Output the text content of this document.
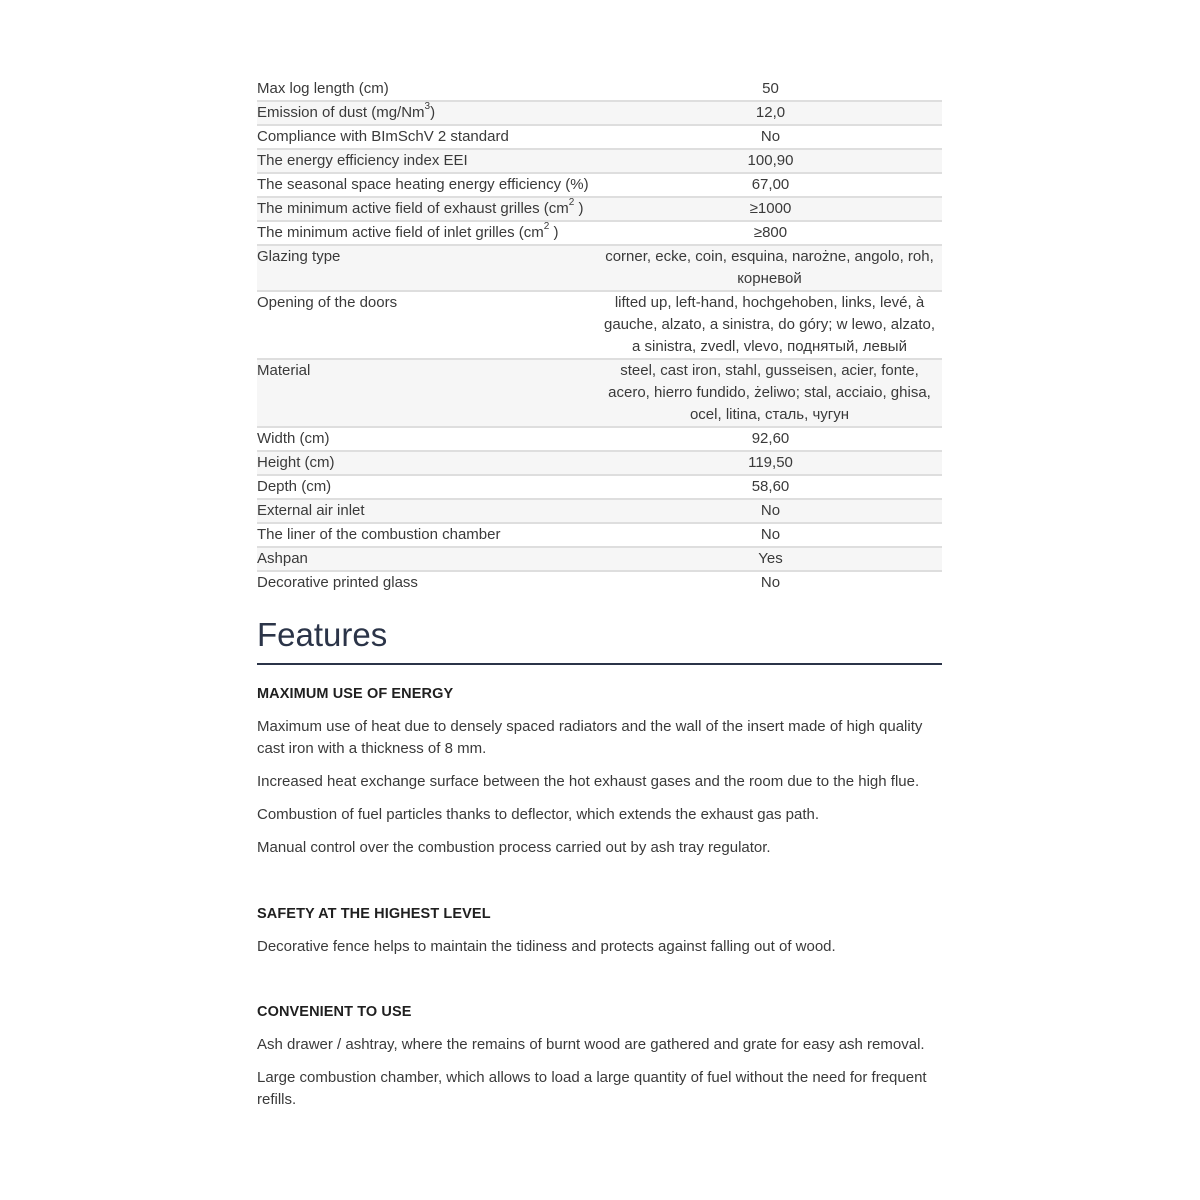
Max log length (cm)	50
Emission of dust (mg/Nm$^3$)	12,0
Compliance with BImSchV 2 standard	No
The energy efficiency index EEI	100,90
The seasonal space heating energy efficiency (%)	67,00
The minimum active field of exhaust grilles ($cm^2$ )	≥1000
The minimum active field of inlet grilles ($cm^2$ )	≥800
Glazing type	corner, ecke, coin, esquina, narożne, angolo, roh, корневой
Opening of the doors	lifted up, left-hand, hochgehoben, links, levé, à gauche, alzato, a sinistra, do góry; w lewo, alzato, a sinistra, zvedl, vlevo, поднятый, левый
Material	steel, cast iron, stahl, gusseisen, acier, fonte, acero, hierro fundido, żeliwo; stal, acciaio, ghisa, ocel, litina, сталь, чугун
Width (cm)	92,60
Height (cm)	119,50
Depth (cm)	58,60
External air inlet	No
The liner of the combustion chamber	No
Ashpan	Yes
Decorative printed glass	No
Features
MAXIMUM USE OF ENERGY

Maximum use of heat due to densely spaced radiators and the wall of the insert made of high quality cast iron with a thickness of 8 mm.

Increased heat exchange surface between the hot exhaust gases and the room due to the high flue.

Combustion of fuel particles thanks to deflector, which extends the exhaust gas path.

Manual control over the combustion process carried out by ash tray regulator.

SAFETY AT THE HIGHEST LEVEL

Decorative fence helps to maintain the tidiness and protects against falling out of wood.

CONVENIENT TO USE

Ash drawer / ashtray, where the remains of burnt wood are gathered and grate for easy ash removal.

Large combustion chamber, which allows to load a large quantity of fuel without the need for frequent refills.
